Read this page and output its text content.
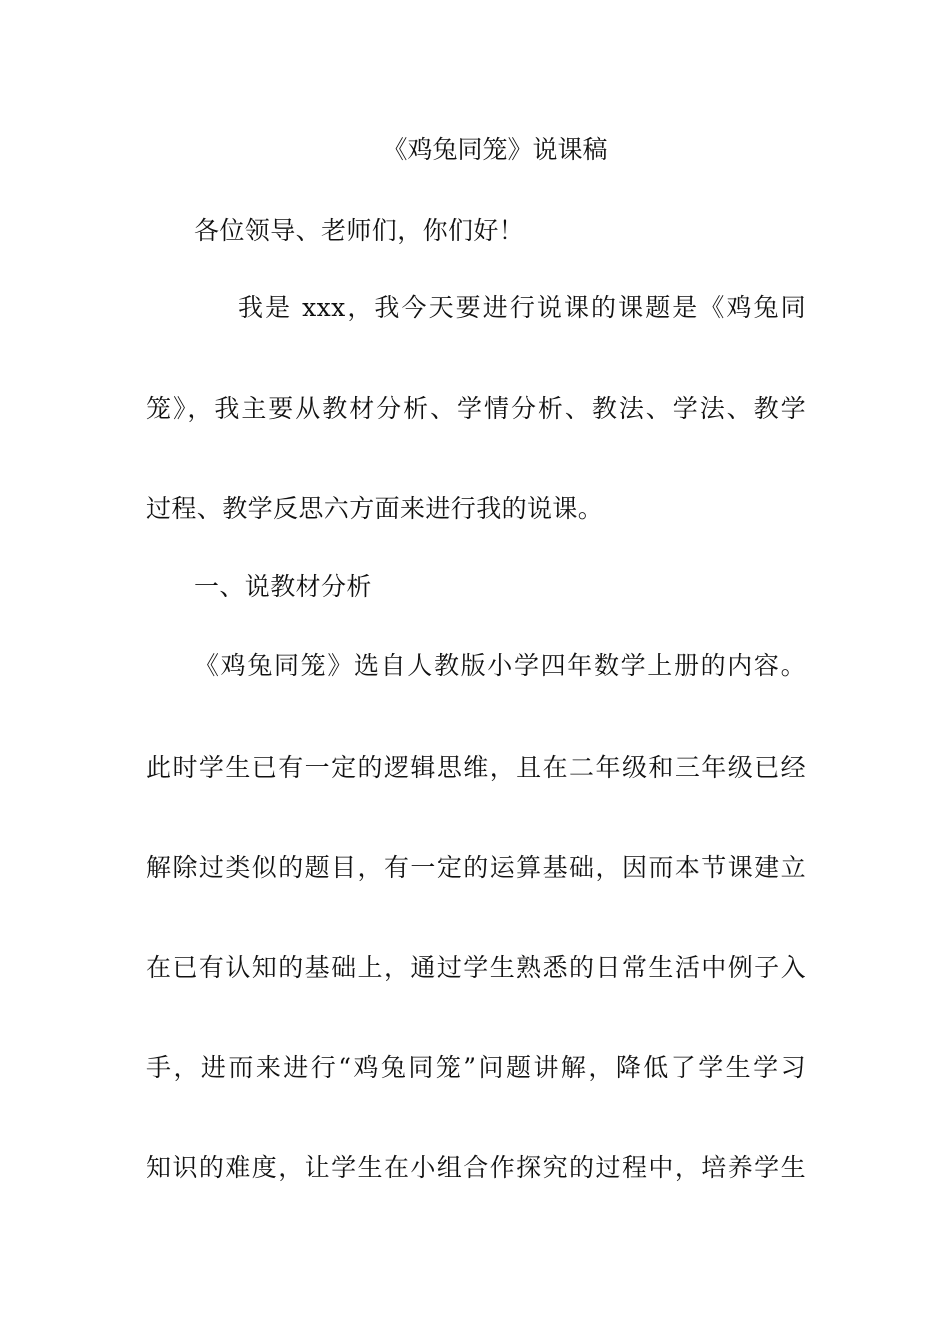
《鸡兔同笼》说课稿
各位领导、老师们，你们好！
我是 xxx，我今天要进行说课的课题是《鸡兔同
笼》，我主要从教材分析、学情分析、教法、学法、教学
过程、教学反思六方面来进行我的说课。
一、说教材分析
《鸡兔同笼》选自人教版小学四年数学上册的内容。
此时学生已有一定的逻辑思维，且在二年级和三年级已经
解除过类似的题目，有一定的运算基础，因而本节课建立
在已有认知的基础上，通过学生熟悉的日常生活中例子入
手，进而来进行“鸡兔同笼”问题讲解，降低了学生学习
知识的难度，让学生在小组合作探究的过程中，培养学生
